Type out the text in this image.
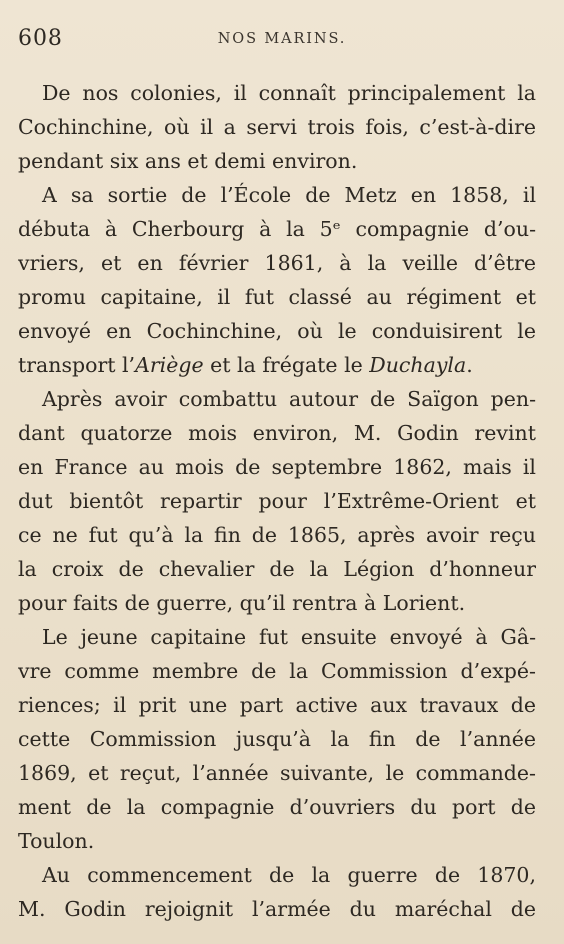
608	NOS MARINS.
De nos colonies, il connaît principalement la
Cochinchine, où il a servi trois fois, c’est-à-dire
pendant six ans et demi environ.
A sa sortie de l’École de Metz en 1858, il
débuta à Cherbourg à la 5ᵉ compagnie d’ou-
vriers, et en février 1861, à la veille d’être
promu capitaine, il fut classé au régiment et
envoyé en Cochinchine, où le conduisirent le
transport l’Ariège et la frégate le Duchayla.
Après avoir combattu autour de Saïgon pen-
dant quatorze mois environ, M. Godin revint
en France au mois de septembre 1862, mais il
dut bientôt repartir pour l’Extrême-Orient et
ce ne fut qu’à la fin de 1865, après avoir reçu
la croix de chevalier de la Légion d’honneur
pour faits de guerre, qu’il rentra à Lorient.
Le jeune capitaine fut ensuite envoyé à Gâ-
vre comme membre de la Commission d’expé-
riences; il prit une part active aux travaux de
cette Commission jusqu’à la fin de l’année
1869, et reçut, l’année suivante, le commande-
ment de la compagnie d’ouvriers du port de
Toulon.
Au commencement de la guerre de 1870,
M. Godin rejoignit l’armée du maréchal de
